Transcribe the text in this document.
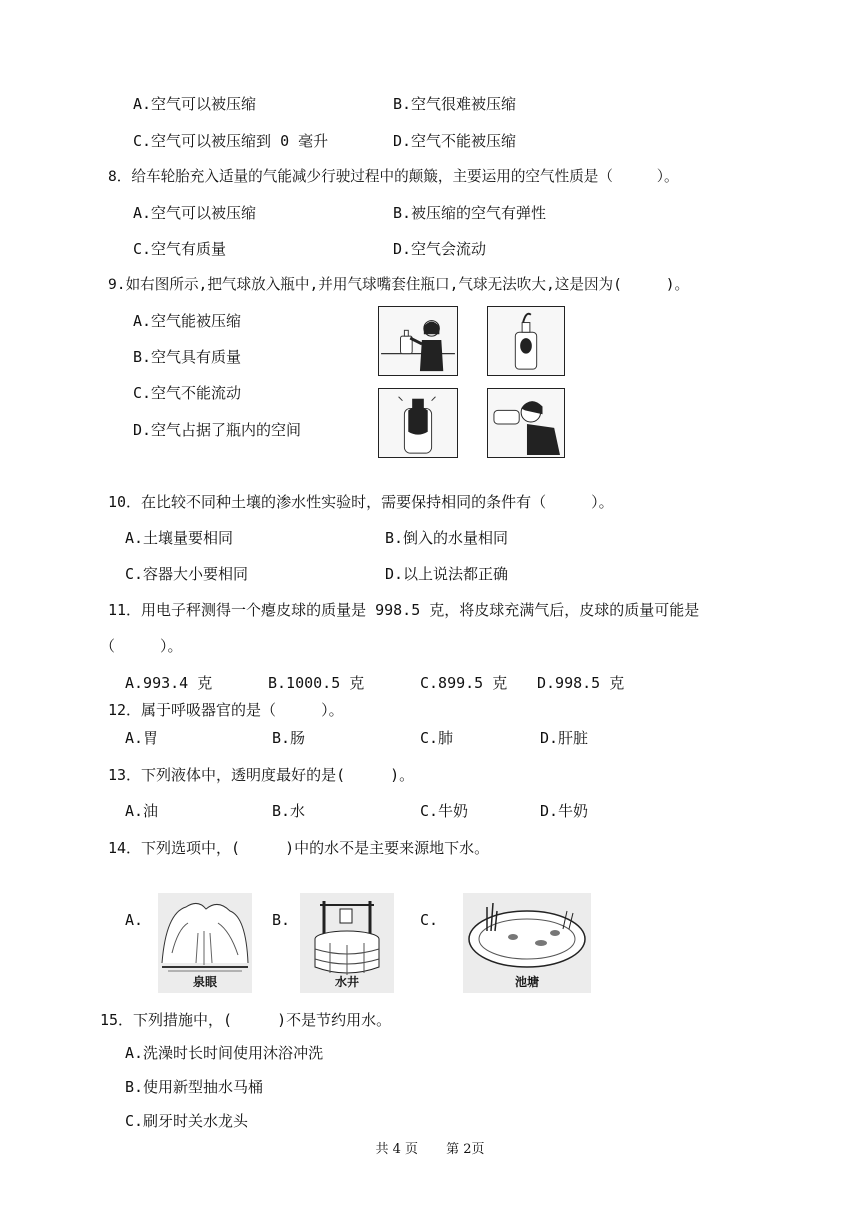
A.空气可以被压缩	B.空气很难被压缩
C.空气可以被压缩到 0 毫升	D.空气不能被压缩
8．给车轮胎充入适量的气能减少行驶过程中的颠簸，主要运用的空气性质是（　　　）。
A.空气可以被压缩	B.被压缩的空气有弹性
C.空气有质量	D.空气会流动
9.如右图所示,把气球放入瓶中,并用气球嘴套住瓶口,气球无法吹大,这是因为(　　　)。
A.空气能被压缩
B.空气具有质量
C.空气不能流动
D.空气占据了瓶内的空间
10．在比较不同种土壤的渗水性实验时，需要保持相同的条件有（　　　）。
A.土壤量要相同	B.倒入的水量相同
C.容器大小要相同	D.以上说法都正确
11．用电子秤测得一个瘪皮球的质量是 998.5 克，将皮球充满气后，皮球的质量可能是
（　　　）。
A.993.4 克	B.1000.5 克	C.899.5 克 D.998.5 克
12．属于呼吸器官的是（　　　）。
A.胃	B.肠	C.肺	D.肝脏
13．下列液体中，透明度最好的是(　　　)。
A.油	B.水	C.牛奶	D.牛奶
14．下列选项中，(　　　)中的水不是主要来源地下水。
A.	B.	C.
泉眼	水井	池塘
15．下列措施中，(　　　)不是节约用水。
A.洗澡时长时间使用沐浴冲洗
B.使用新型抽水马桶
C.刷牙时关水龙头
共 4 页 第 2页
